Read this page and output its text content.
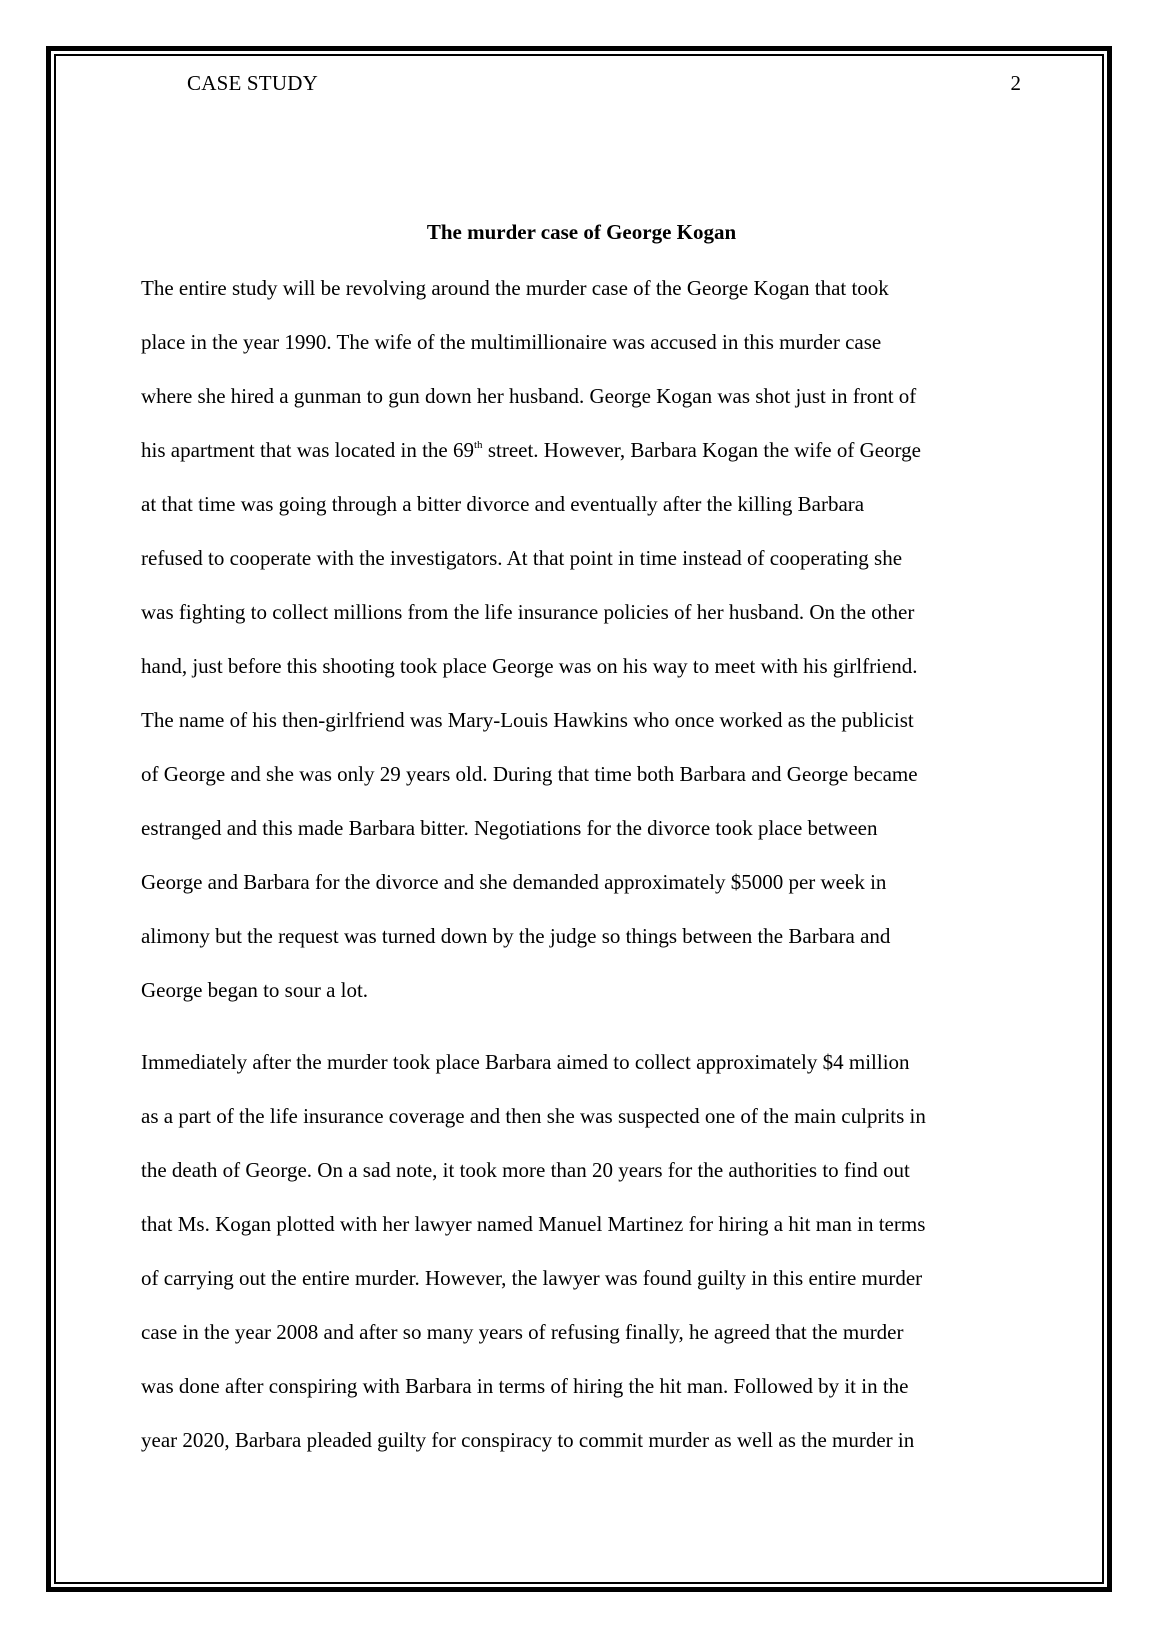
CASE STUDY	2
The murder case of George Kogan
The entire study will be revolving around the murder case of the George Kogan that took
place in the year 1990. The wife of the multimillionaire was accused in this murder case
where she hired a gunman to gun down her husband. George Kogan was shot just in front of
his apartment that was located in the 69th street. However, Barbara Kogan the wife of George
at that time was going through a bitter divorce and eventually after the killing Barbara
refused to cooperate with the investigators. At that point in time instead of cooperating she
was fighting to collect millions from the life insurance policies of her husband. On the other
hand, just before this shooting took place George was on his way to meet with his girlfriend.
The name of his then-girlfriend was Mary-Louis Hawkins who once worked as the publicist
of George and she was only 29 years old. During that time both Barbara and George became
estranged and this made Barbara bitter. Negotiations for the divorce took place between
George and Barbara for the divorce and she demanded approximately $5000 per week in
alimony but the request was turned down by the judge so things between the Barbara and
George began to sour a lot.
Immediately after the murder took place Barbara aimed to collect approximately $4 million
as a part of the life insurance coverage and then she was suspected one of the main culprits in
the death of George. On a sad note, it took more than 20 years for the authorities to find out
that Ms. Kogan plotted with her lawyer named Manuel Martinez for hiring a hit man in terms
of carrying out the entire murder. However, the lawyer was found guilty in this entire murder
case in the year 2008 and after so many years of refusing finally, he agreed that the murder
was done after conspiring with Barbara in terms of hiring the hit man. Followed by it in the
year 2020, Barbara pleaded guilty for conspiracy to commit murder as well as the murder in
